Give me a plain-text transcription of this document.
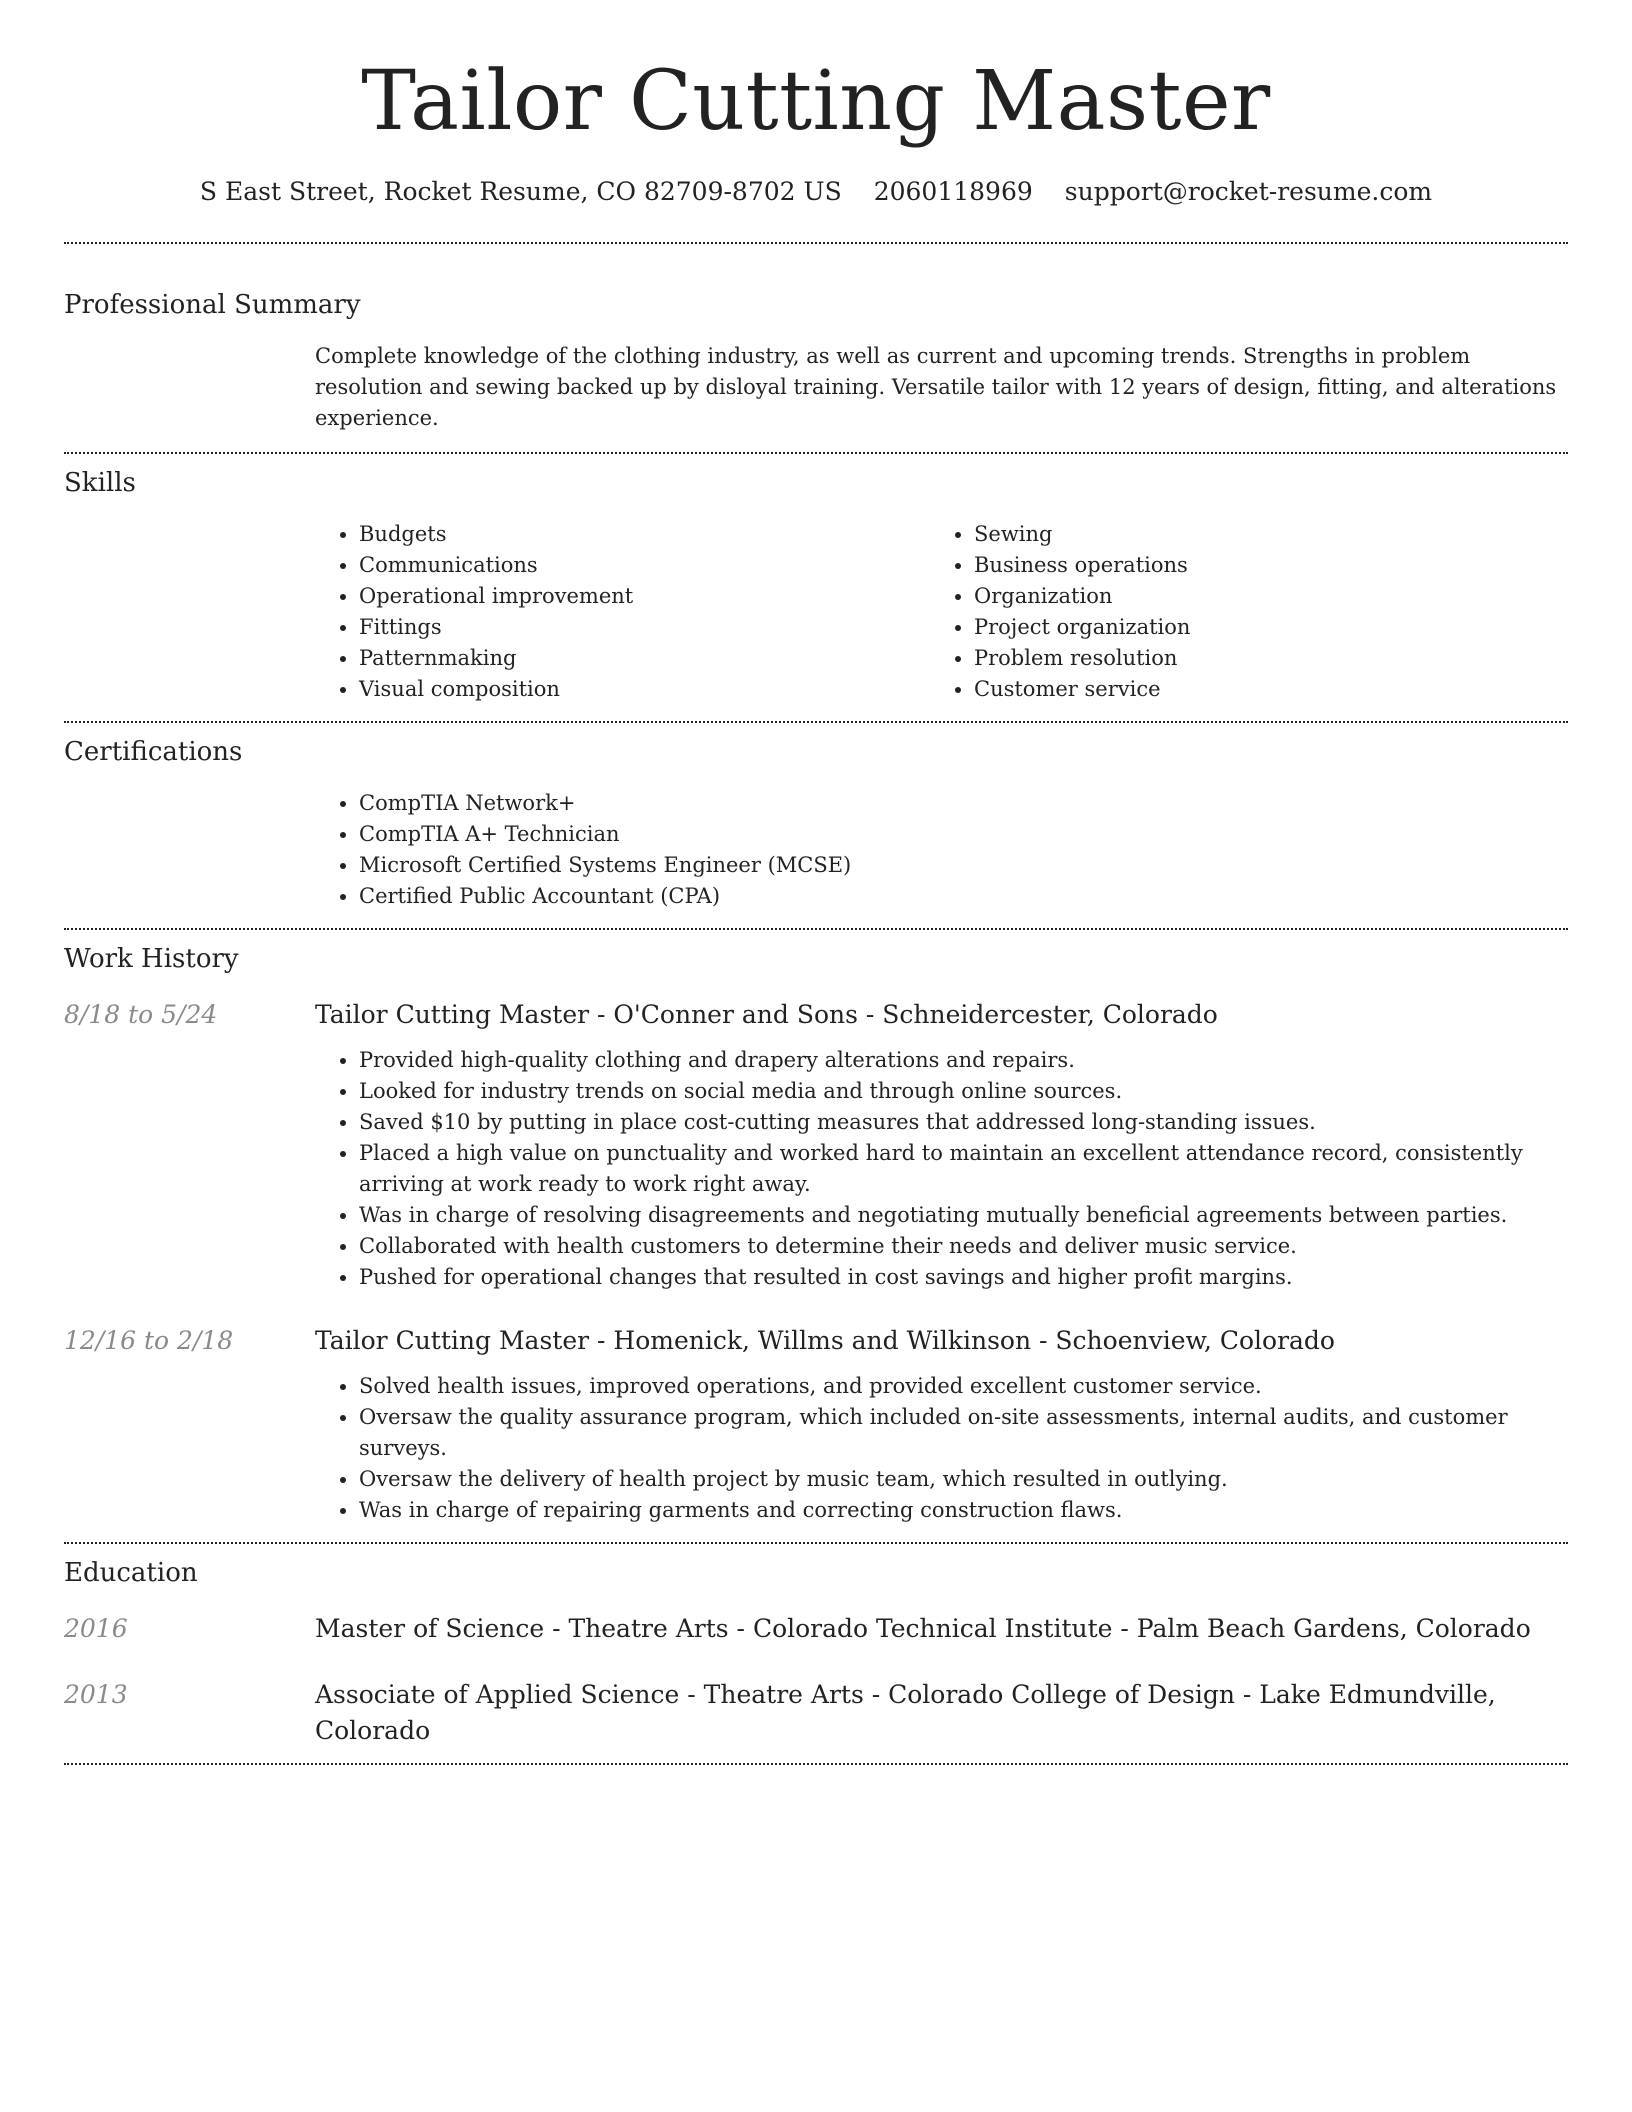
Tailor Cutting Master
S East Street, Rocket Resume, CO 82709-8702 US 2060118969 support@rocket-resume.com
Professional Summary

Complete knowledge of the clothing industry, as well as current and upcoming trends. Strengths in problem resolution and sewing backed up by disloyal training. Versatile tailor with 12 years of design, fitting, and alterations experience.

Skills
• Budgets
• Communications
• Operational improvement
• Fittings
• Patternmaking
• Visual composition
• Sewing
• Business operations
• Organization
• Project organization
• Problem resolution
• Customer service
Certifications
• CompTIA Network+
• CompTIA A+ Technician
• Microsoft Certified Systems Engineer (MCSE)
• Certified Public Accountant (CPA)
Work History
8/18 to 5/24	Tailor Cutting Master - O'Conner and Sons - Schneidercester, Colorado
• Provided high-quality clothing and drapery alterations and repairs.
• Looked for industry trends on social media and through online sources.
• Saved $10 by putting in place cost-cutting measures that addressed long-standing issues.
• Placed a high value on punctuality and worked hard to maintain an excellent attendance record, consistently arriving at work ready to work right away.
• Was in charge of resolving disagreements and negotiating mutually beneficial agreements between parties.
• Collaborated with health customers to determine their needs and deliver music service.
• Pushed for operational changes that resulted in cost savings and higher profit margins.
12/16 to 2/18	Tailor Cutting Master - Homenick, Willms and Wilkinson - Schoenview, Colorado
• Solved health issues, improved operations, and provided excellent customer service.
• Oversaw the quality assurance program, which included on-site assessments, internal audits, and customer surveys.
• Oversaw the delivery of health project by music team, which resulted in outlying.
• Was in charge of repairing garments and correcting construction flaws.
Education
2016	Master of Science - Theatre Arts - Colorado Technical Institute - Palm Beach Gardens, Colorado
2013	Associate of Applied Science - Theatre Arts - Colorado College of Design - Lake Edmundville, Colorado
